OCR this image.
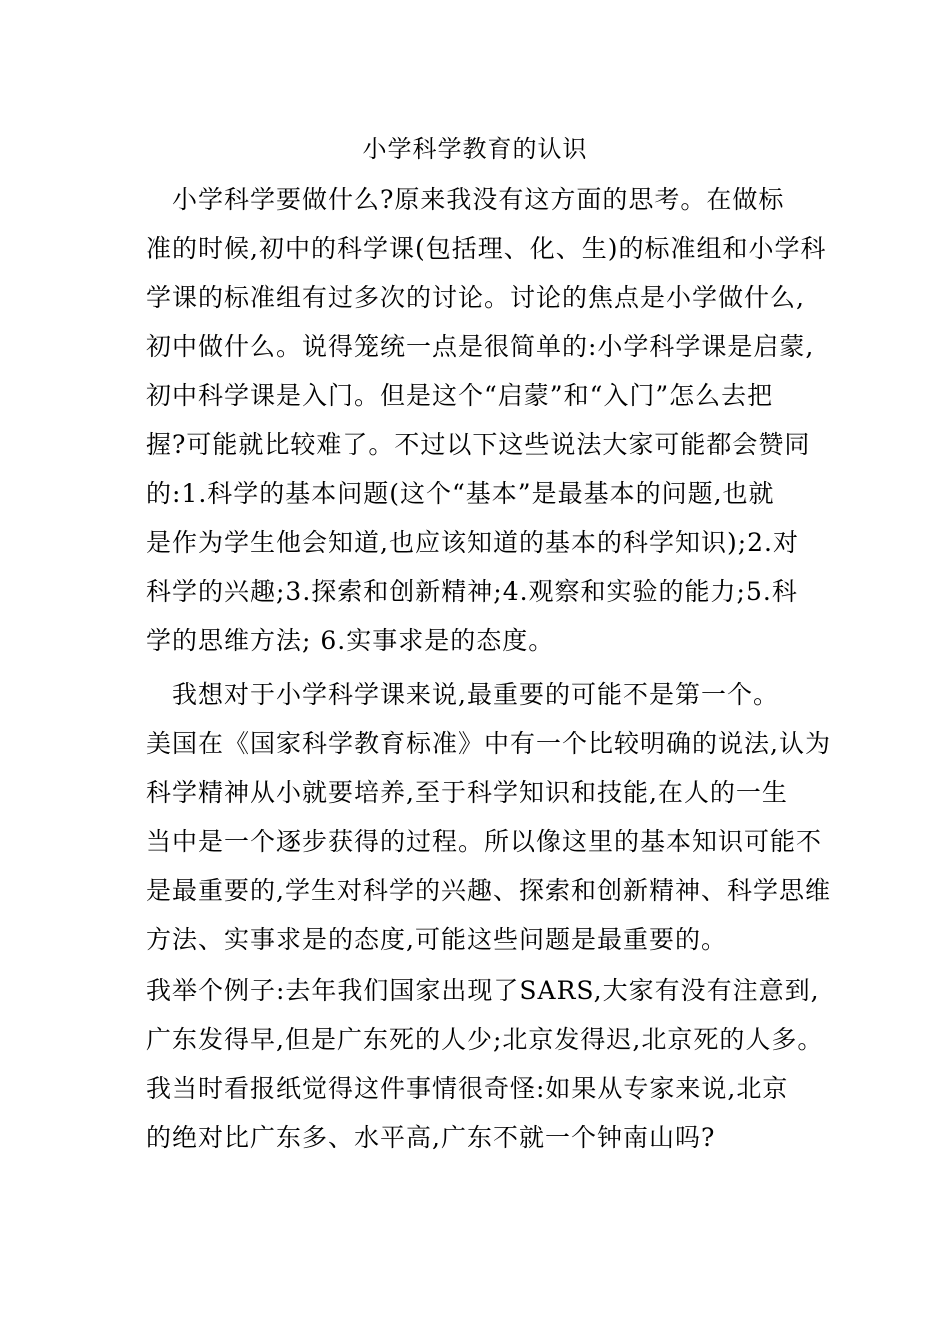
小学科学教育的认识
　小学科学要做什么?原来我没有这方面的思考。在做标
准的时候,初中的科学课(包括理、化、生)的标准组和小学科
学课的标准组有过多次的讨论。讨论的焦点是小学做什么,
初中做什么。说得笼统一点是很简单的:小学科学课是启蒙,
初中科学课是入门。但是这个“启蒙”和“入门”怎么去把
握?可能就比较难了。不过以下这些说法大家可能都会赞同
的:1.科学的基本问题(这个“基本”是最基本的问题,也就
是作为学生他会知道,也应该知道的基本的科学知识);2.对
科学的兴趣;3.探索和创新精神;4.观察和实验的能力;5.科
学的思维方法; 6.实事求是的态度。
　我想对于小学科学课来说,最重要的可能不是第一个。
美国在《国家科学教育标准》中有一个比较明确的说法,认为
科学精神从小就要培养,至于科学知识和技能,在人的一生
当中是一个逐步获得的过程。所以像这里的基本知识可能不
是最重要的,学生对科学的兴趣、探索和创新精神、科学思维
方法、实事求是的态度,可能这些问题是最重要的。
我举个例子:去年我们国家出现了SARS,大家有没有注意到,
广东发得早,但是广东死的人少;北京发得迟,北京死的人多。
我当时看报纸觉得这件事情很奇怪:如果从专家来说,北京
的绝对比广东多、水平高,广东不就一个钟南山吗?
